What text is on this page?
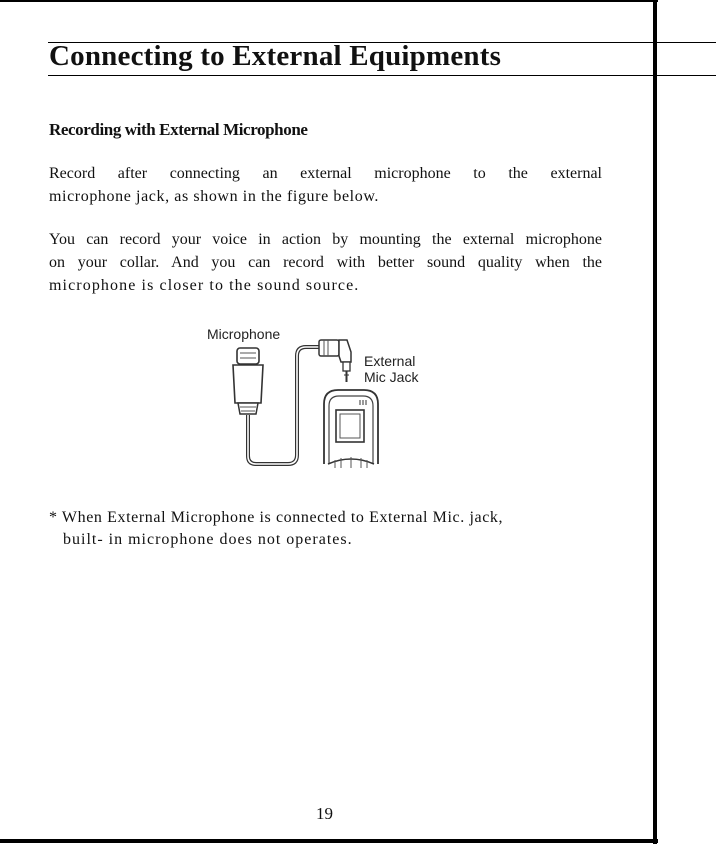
Connecting to External Equipments
Recording with External Microphone
Record after connecting an external microphone to the external
microphone jack, as shown in the figure below.
You can record your voice in action by mounting the external microphone
on your collar. And you can record with better sound quality when the
microphone is closer to the sound source.
Microphone
External
Mic Jack
* When External Microphone is connected to External Mic. jack,
built- in microphone does not operates.
19
